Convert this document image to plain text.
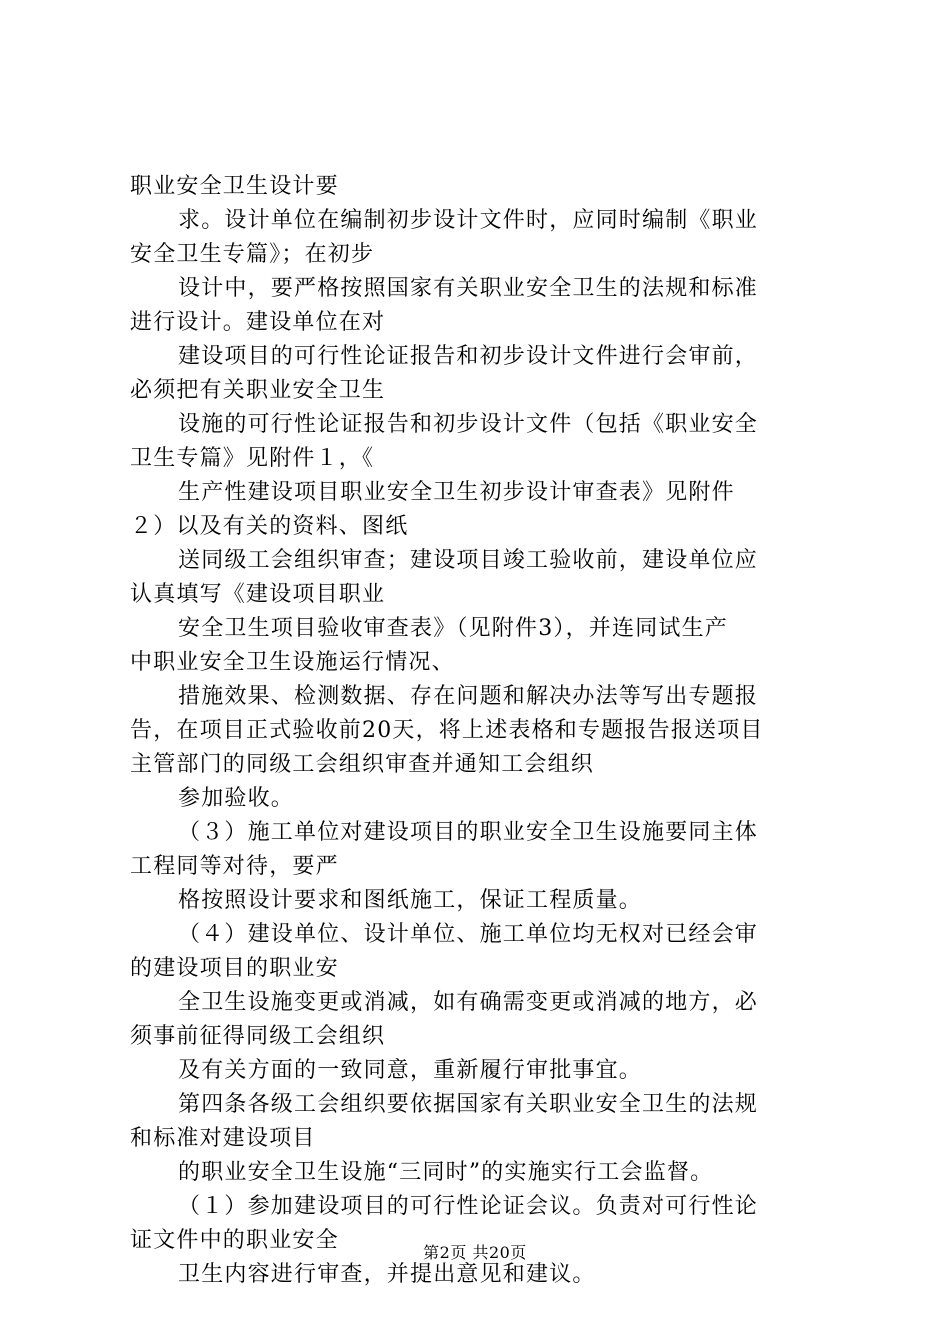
职业安全卫生设计要

求。设计单位在编制初步设计文件时，应同时编制《职业

安全卫生专篇》；在初步

设计中，要严格按照国家有关职业安全卫生的法规和标准

进行设计。建设单位在对

建设项目的可行性论证报告和初步设计文件进行会审前，

必须把有关职业安全卫生

设施的可行性论证报告和初步设计文件（包括《职业安全

卫生专篇》见附件１，《

生产性建设项目职业安全卫生初步设计审查表》见附件

２）以及有关的资料、图纸

送同级工会组织审查；建设项目竣工验收前，建设单位应

认真填写《建设项目职业

安全卫生项目验收审查表》（见附件3），并连同试生产

中职业安全卫生设施运行情况、

措施效果、检测数据、存在问题和解决办法等写出专题报

告，在项目正式验收前20天，将上述表格和专题报告报送项目

主管部门的同级工会组织审查并通知工会组织

参加验收。

（３）施工单位对建设项目的职业安全卫生设施要同主体

工程同等对待，要严

格按照设计要求和图纸施工，保证工程质量。

（４）建设单位、设计单位、施工单位均无权对已经会审

的建设项目的职业安

全卫生设施变更或消减，如有确需变更或消减的地方，必

须事前征得同级工会组织

及有关方面的一致同意，重新履行审批事宜。

第四条各级工会组织要依据国家有关职业安全卫生的法规

和标准对建设项目

的职业安全卫生设施“三同时”的实施实行工会监督。

（１）参加建设项目的可行性论证会议。负责对可行性论

证文件中的职业安全

卫生内容进行审查，并提出意见和建议。

第2页 共20页
